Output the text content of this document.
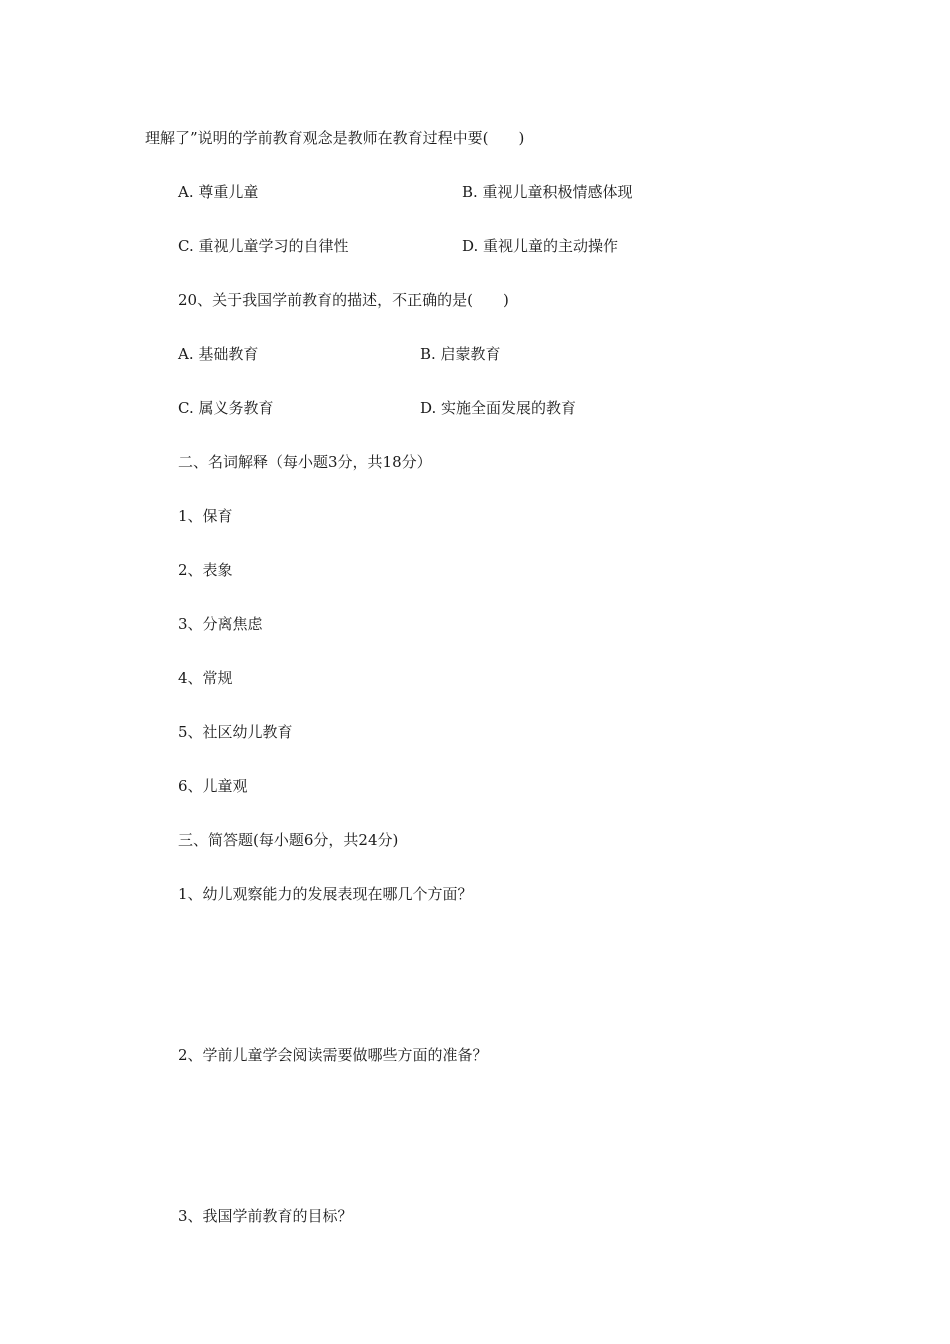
理解了”说明的学前教育观念是教师在教育过程中要(　　)
A. 尊重儿童	B. 重视儿童积极情感体现
C. 重视儿童学习的自律性	D. 重视儿童的主动操作
20、关于我国学前教育的描述，不正确的是(　　)
A. 基础教育	B. 启蒙教育
C. 属义务教育	D. 实施全面发展的教育
二、名词解释（每小题3分，共18分）
1、保育
2、表象
3、分离焦虑
4、常规
5、社区幼儿教育
6、儿童观
三、简答题(每小题6分，共24分)
1、幼儿观察能力的发展表现在哪几个方面？
2、学前儿童学会阅读需要做哪些方面的准备？
3、我国学前教育的目标？
